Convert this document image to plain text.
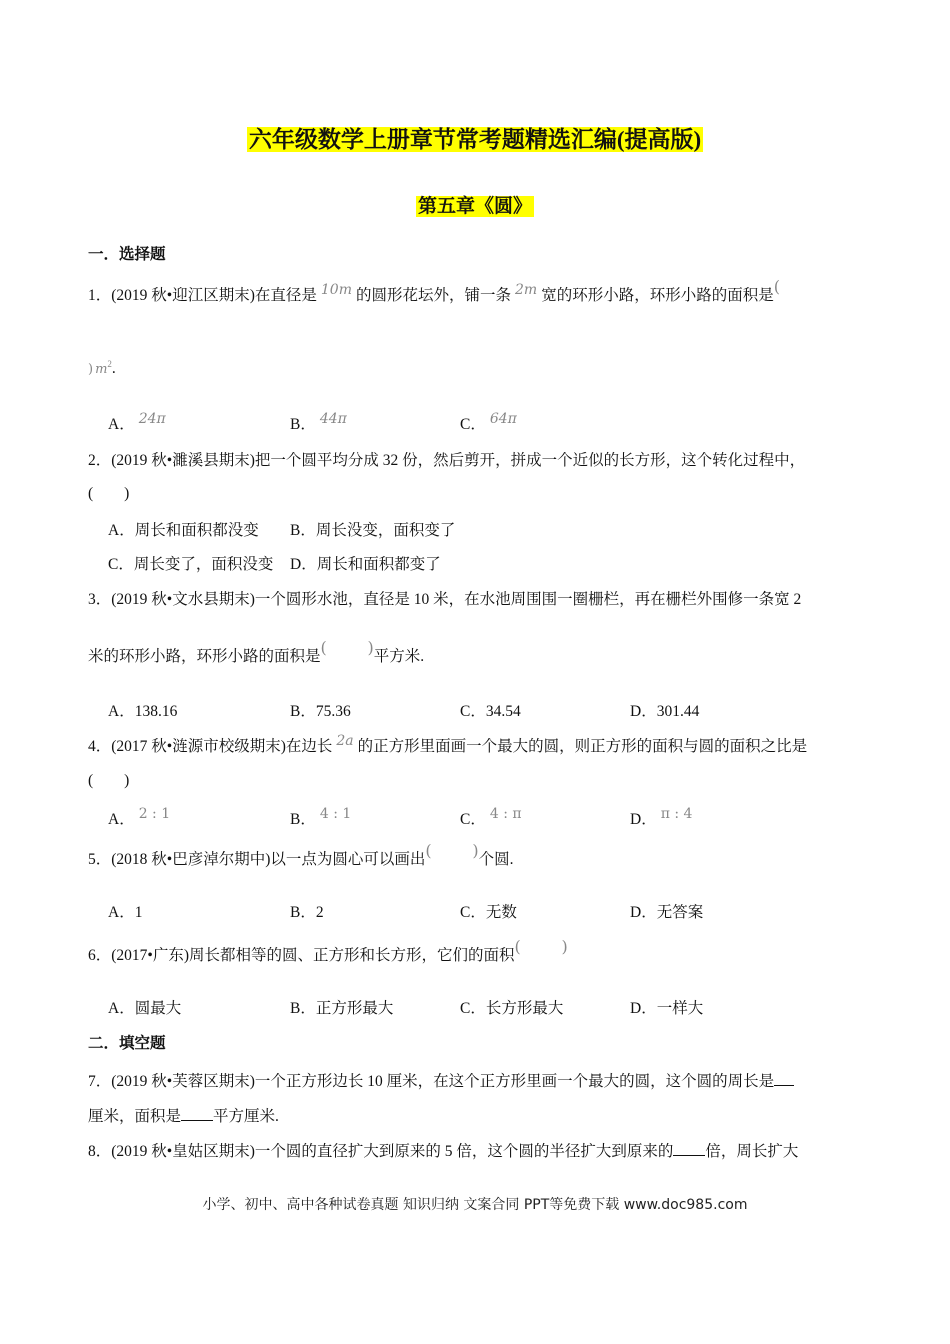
六年级数学上册章节常考题精选汇编(提高版)
第五章《圆》
一．选择题
1．(2019 秋•迎江区期末)在直径是 10m 的圆形花坛外，铺一条 2m 宽的环形小路，环形小路的面积是(
) $m^2$.
A． 24π	B． 44π	C． 64π
2．(2019 秋•濉溪县期末)把一个圆平均分成 32 份，然后剪开，拼成一个近似的长方形，这个转化过程中，
(        )
A．周长和面积都没变 B．周长没变，面积变了
C．周长变了，面积没变 D．周长和面积都变了
3．(2019 秋•文水县期末)一个圆形水池，直径是 10 米，在水池周围围一圈栅栏，再在栅栏外围修一条宽 2
米的环形小路，环形小路的面积是(        )平方米.
A．138.16	B．75.36	C．34.54	D．301.44
4．(2017 秋•涟源市校级期末)在边长 2a 的正方形里面画一个最大的圆，则正方形的面积与圆的面积之比是
(        )
A． 2 : 1	B． 4 : 1	C． 4 : π	D． π : 4
5．(2018 秋•巴彦淖尔期中)以一点为圆心可以画出(        )个圆.
A．1	B．2	C．无数	D．无答案
6．(2017•广东)周长都相等的圆、正方形和长方形，它们的面积(        )
A．圆最大	B．正方形最大	C．长方形最大	D．一样大
二．填空题
7．(2019 秋•芙蓉区期末)一个正方形边长 10 厘米，在这个正方形里画一个最大的圆，这个圆的周长是
厘米，面积是 平方厘米.
8．(2019 秋•皇姑区期末)一个圆的直径扩大到原来的 5 倍，这个圆的半径扩大到原来的 倍，周长扩大
小学、初中、高中各种试卷真题 知识归纳 文案合同 PPT等免费下载 www.doc985.com
